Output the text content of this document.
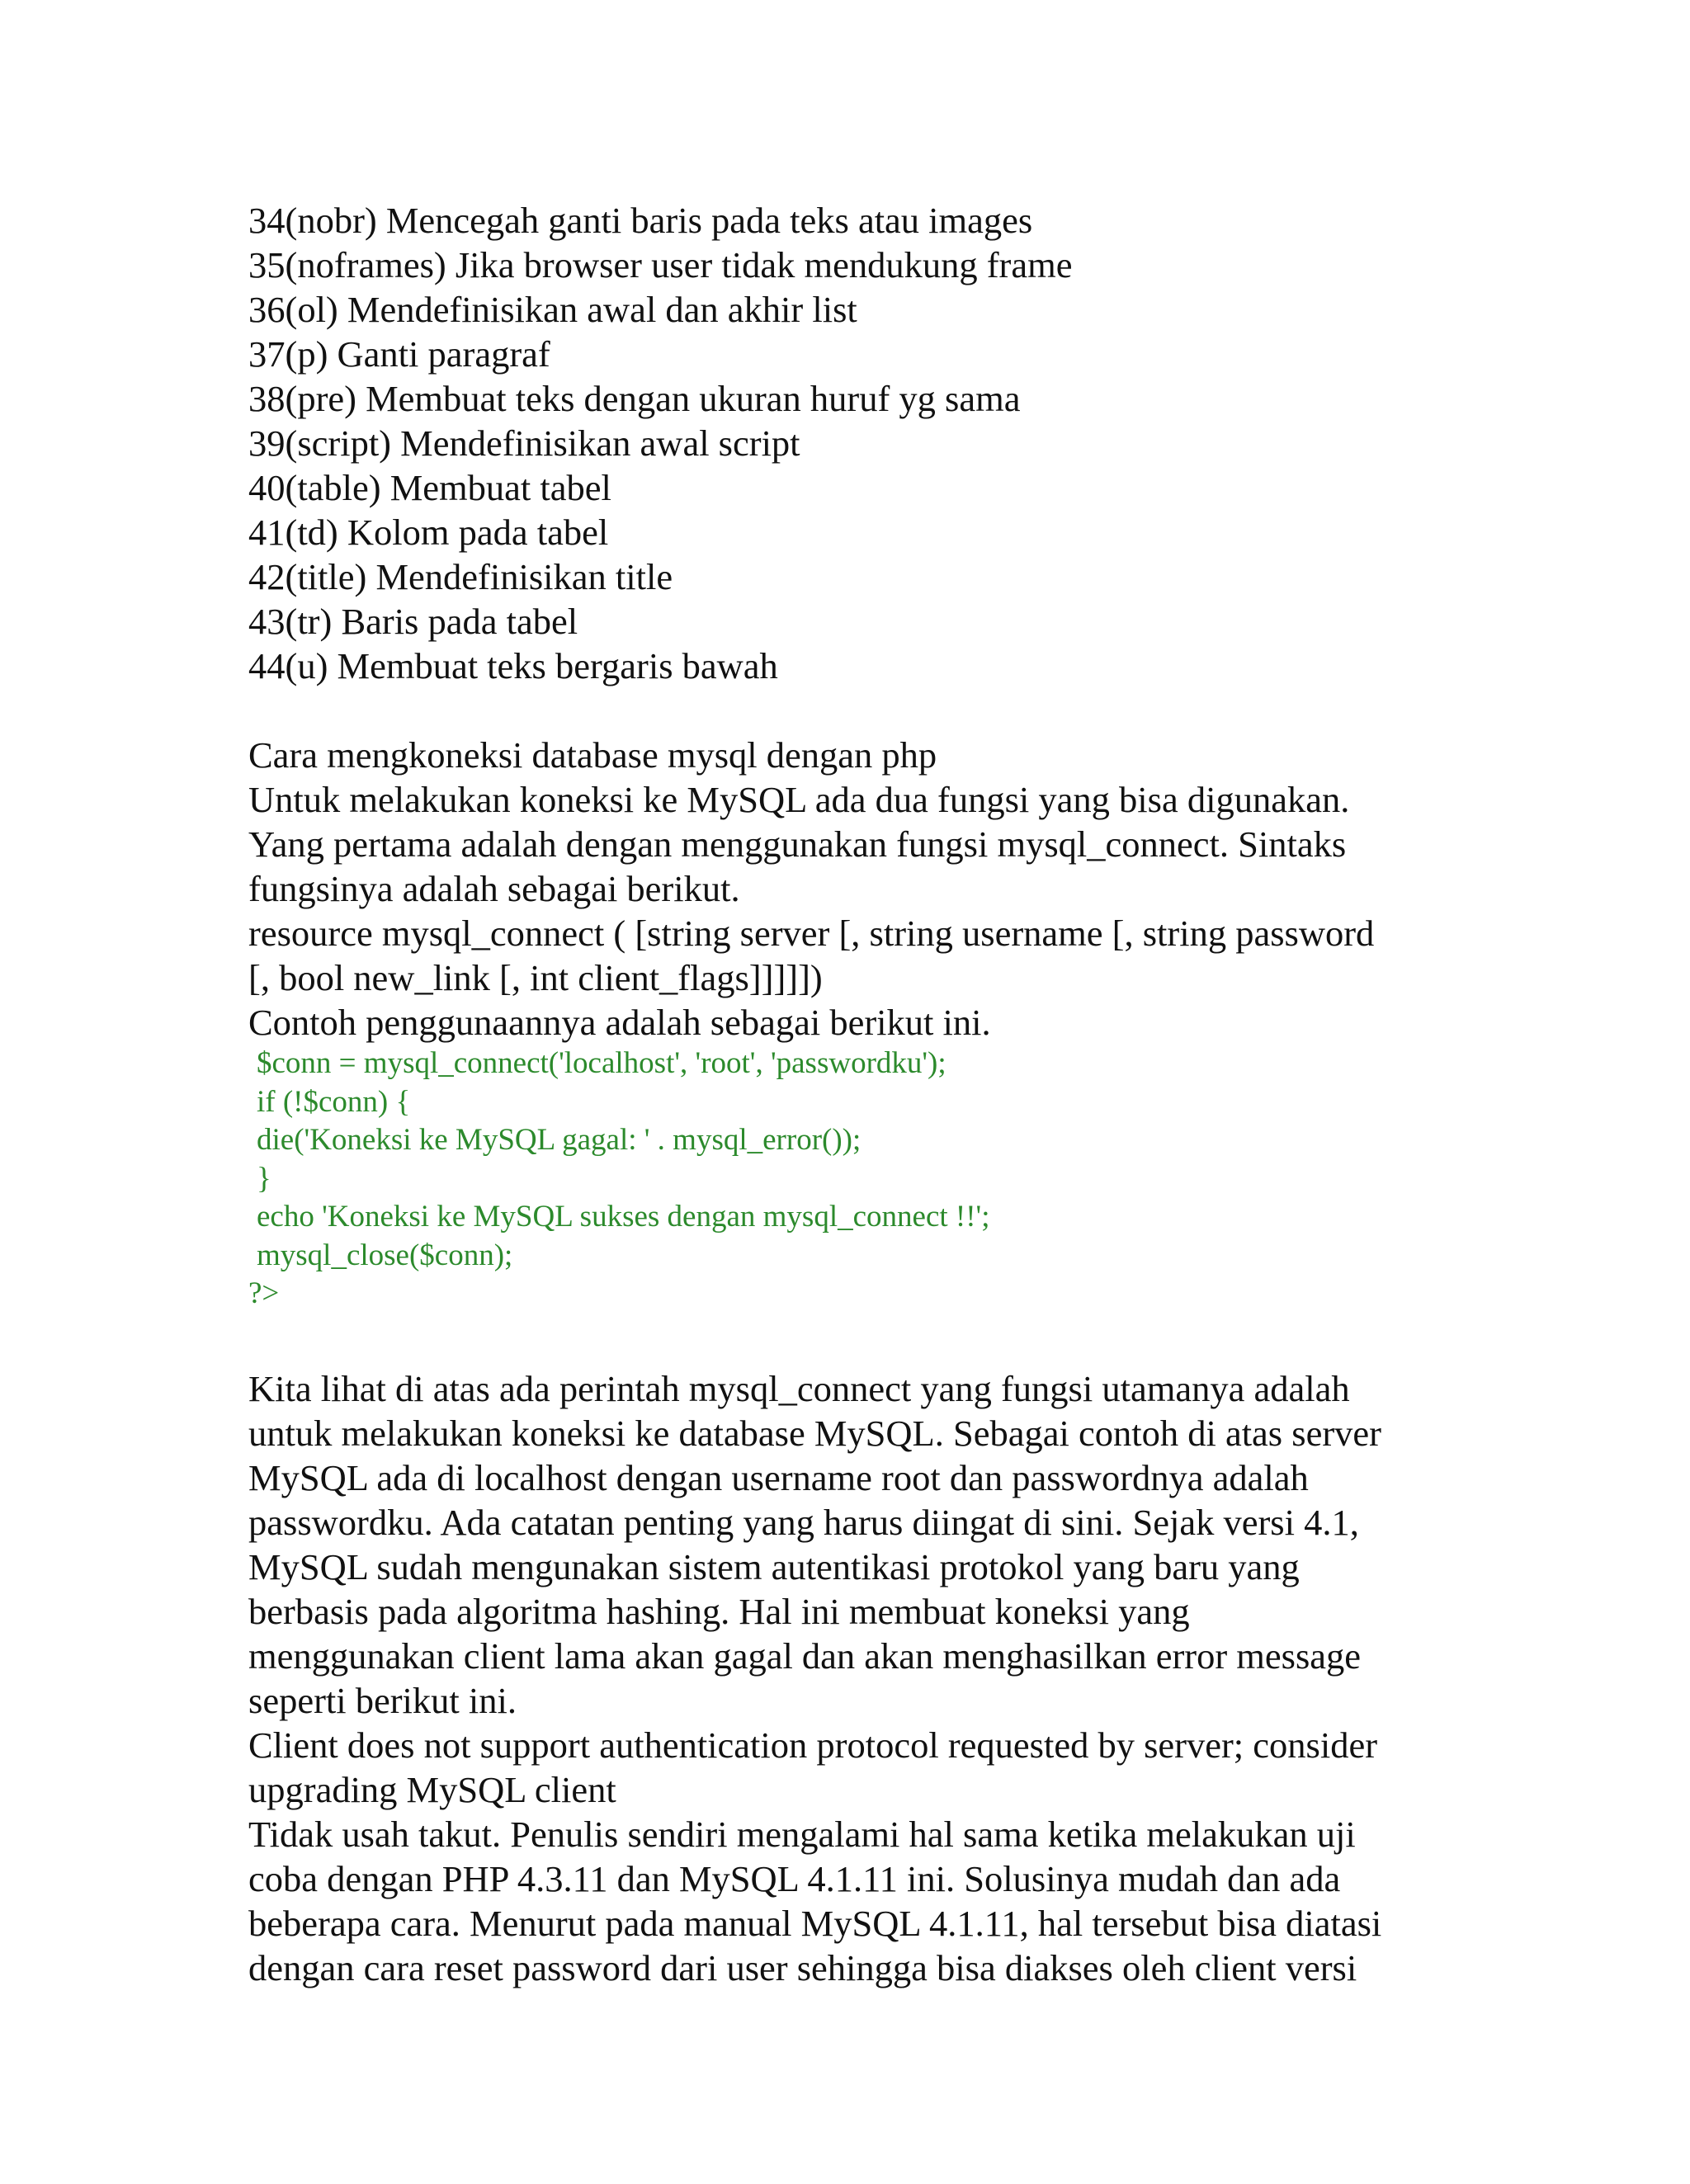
34(nobr) Mencegah ganti baris pada teks atau images
35(noframes) Jika browser user tidak mendukung frame
36(ol) Mendefinisikan awal dan akhir list
37(p) Ganti paragraf
38(pre) Membuat teks dengan ukuran huruf yg sama
39(script) Mendefinisikan awal script
40(table) Membuat tabel
41(td) Kolom pada tabel
42(title) Mendefinisikan title
43(tr) Baris pada tabel
44(u) Membuat teks bergaris bawah
Cara mengkoneksi database mysql dengan php
Untuk melakukan koneksi ke MySQL ada dua fungsi yang bisa digunakan.
Yang pertama adalah dengan menggunakan fungsi mysql_connect. Sintaks
fungsinya adalah sebagai berikut.
resource mysql_connect ( [string server [, string username [, string password
[, bool new_link [, int client_flags]]]]])
Contoh penggunaannya adalah sebagai berikut ini.
$conn = mysql_connect('localhost', 'root', 'passwordku');
if (!$conn) {
die('Koneksi ke MySQL gagal: ' . mysql_error());
}
echo 'Koneksi ke MySQL sukses dengan mysql_connect !!';
mysql_close($conn);
?>
Kita lihat di atas ada perintah mysql_connect yang fungsi utamanya adalah
untuk melakukan koneksi ke database MySQL. Sebagai contoh di atas server
MySQL ada di localhost dengan username root dan passwordnya adalah
passwordku. Ada catatan penting yang harus diingat di sini. Sejak versi 4.1,
MySQL sudah mengunakan sistem autentikasi protokol yang baru yang
berbasis pada algoritma hashing. Hal ini membuat koneksi yang
menggunakan client lama akan gagal dan akan menghasilkan error message
seperti berikut ini.
Client does not support authentication protocol requested by server; consider
upgrading MySQL client
Tidak usah takut. Penulis sendiri mengalami hal sama ketika melakukan uji
coba dengan PHP 4.3.11 dan MySQL 4.1.11 ini. Solusinya mudah dan ada
beberapa cara. Menurut pada manual MySQL 4.1.11, hal tersebut bisa diatasi
dengan cara reset password dari user sehingga bisa diakses oleh client versi
